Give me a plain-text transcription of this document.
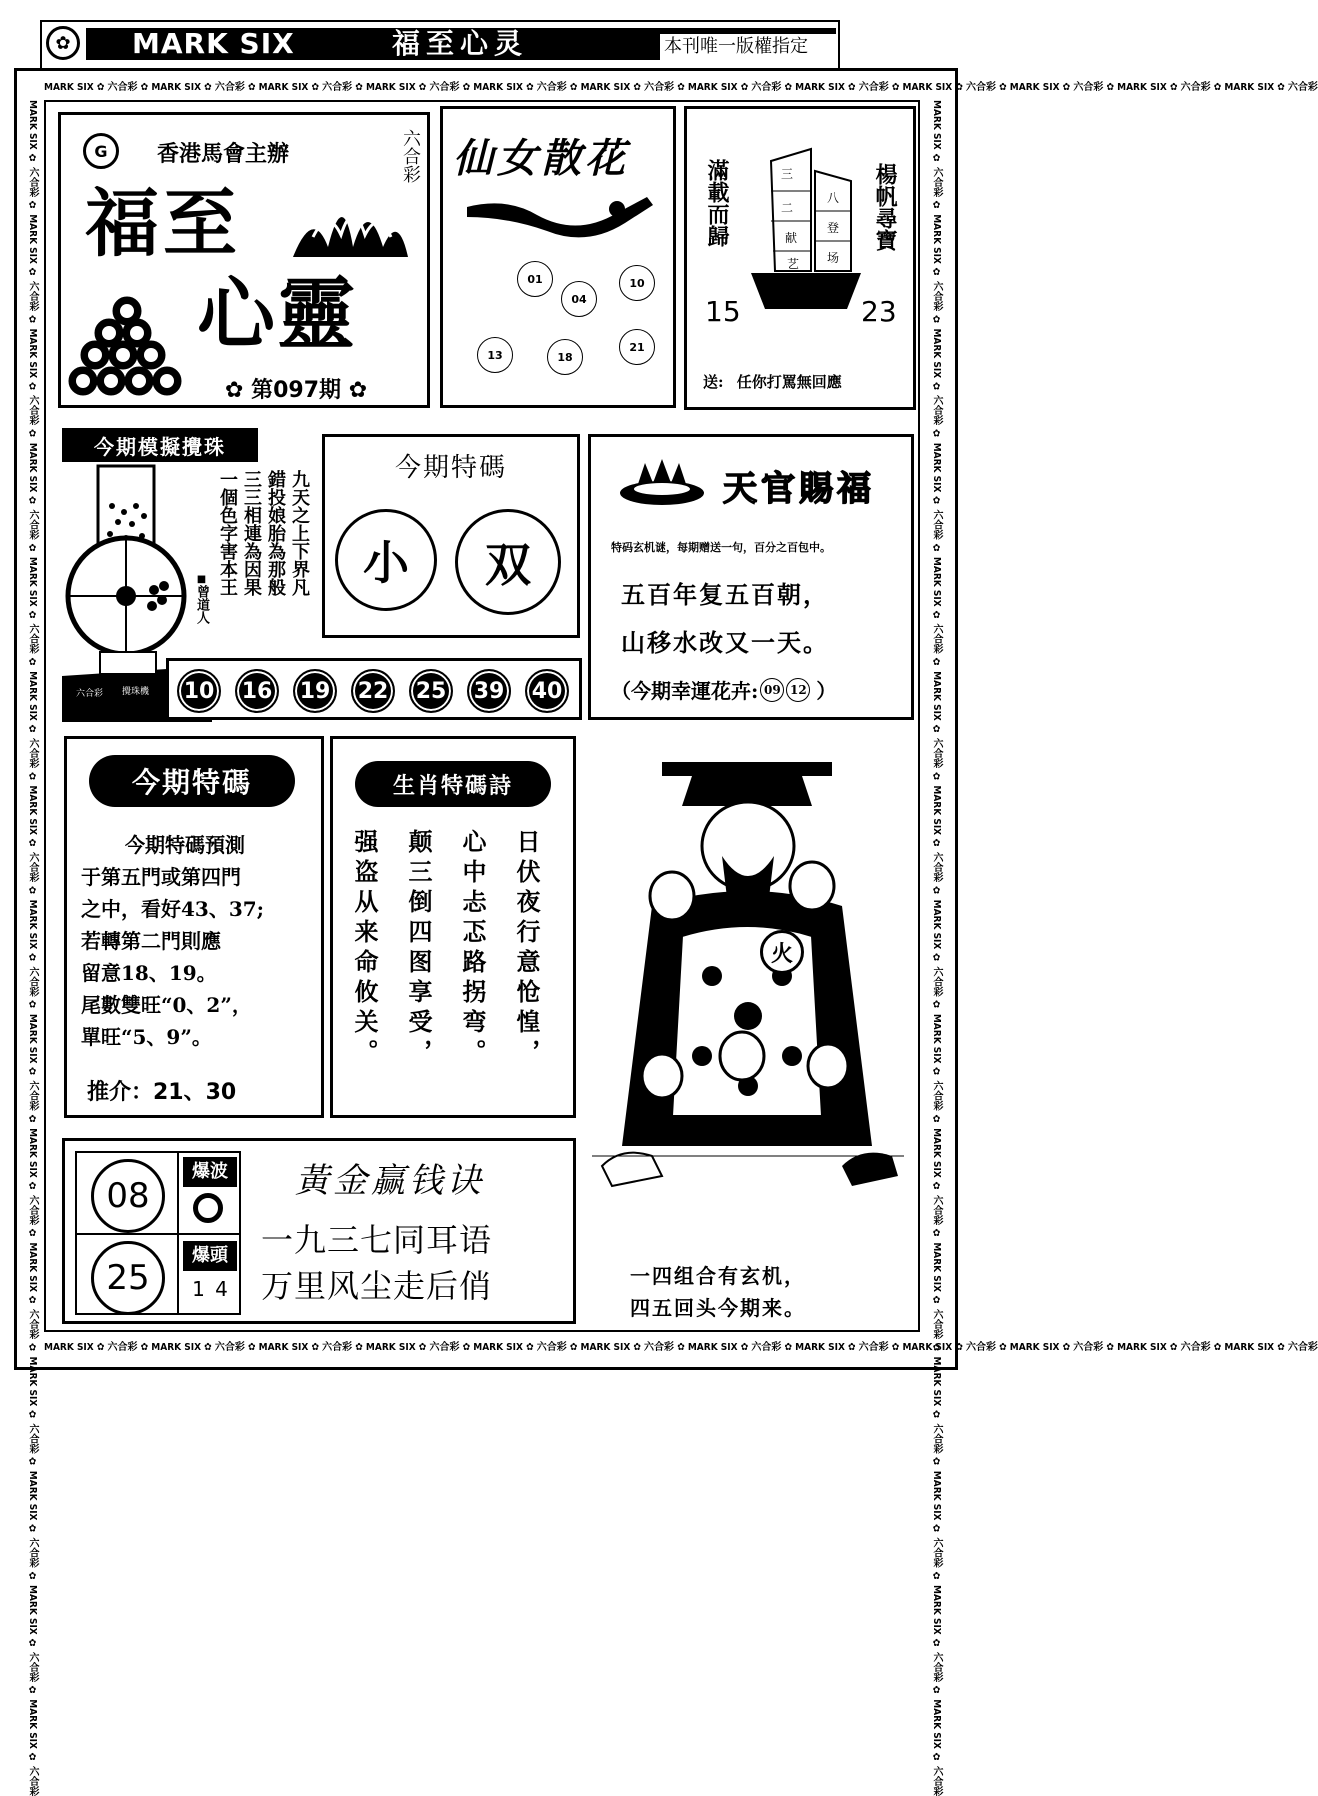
✿	MARK SIX	福至心灵	本刊唯一版權指定
MARK SIX ✿ 六合彩 ✿ MARK SIX ✿ 六合彩 ✿ MARK SIX ✿ 六合彩 ✿ MARK SIX ✿ 六合彩 ✿ MARK SIX ✿ 六合彩 ✿ MARK SIX ✿ 六合彩 ✿ MARK SIX ✿ 六合彩 ✿ MARK SIX ✿ 六合彩 ✿ MARK SIX ✿ 六合彩 ✿ MARK SIX ✿ 六合彩 ✿ MARK SIX ✿ 六合彩 ✿ MARK SIX ✿ 六合彩
MARK SIX ✿ 六合彩 ✿ MARK SIX ✿ 六合彩 ✿ MARK SIX ✿ 六合彩 ✿ MARK SIX ✿ 六合彩 ✿ MARK SIX ✿ 六合彩 ✿ MARK SIX ✿ 六合彩 ✿ MARK SIX ✿ 六合彩 ✿ MARK SIX ✿ 六合彩 ✿ MARK SIX ✿ 六合彩 ✿ MARK SIX ✿ 六合彩 ✿ MARK SIX ✿ 六合彩 ✿ MARK SIX ✿ 六合彩
MARK SIX ✿ 六合彩 ✿ MARK SIX ✿ 六合彩 ✿ MARK SIX ✿ 六合彩 ✿ MARK SIX ✿ 六合彩 ✿ MARK SIX ✿ 六合彩 ✿ MARK SIX ✿ 六合彩 ✿ MARK SIX ✿ 六合彩 ✿ MARK SIX ✿ 六合彩 ✿ MARK SIX ✿ 六合彩 ✿ MARK SIX ✿ 六合彩 ✿ MARK SIX ✿ 六合彩 ✿ MARK SIX ✿ 六合彩 ✿ MARK SIX ✿ 六合彩 ✿ MARK SIX ✿ 六合彩 ✿ MARK SIX ✿ 六合彩	MARK SIX ✿ 六合彩 ✿ MARK SIX ✿ 六合彩 ✿ MARK SIX ✿ 六合彩 ✿ MARK SIX ✿ 六合彩 ✿ MARK SIX ✿ 六合彩 ✿ MARK SIX ✿ 六合彩 ✿ MARK SIX ✿ 六合彩 ✿ MARK SIX ✿ 六合彩 ✿ MARK SIX ✿ 六合彩 ✿ MARK SIX ✿ 六合彩 ✿ MARK SIX ✿ 六合彩 ✿ MARK SIX ✿ 六合彩 ✿ MARK SIX ✿ 六合彩 ✿ MARK SIX ✿ 六合彩 ✿ MARK SIX ✿ 六合彩
G	香港馬會主辦	六合彩
福至
心靈
✿ 第097期 ✿
仙女散花
01
04
10
13	18
21
滿載而歸	楊帆尋寶
三
八
二
登
献
艺 场
15	23
送: 任你打罵無回應
今期模擬攪珠
六合彩 攪珠機
■曾道人
九天之上下界凡
錯投娘胎為那般
三三相連為因果
一個色字害本王
今期特碼
小	双
10	16	19	22	25	39	40
天官賜福
特码玄机谜，每期赠送一句，百分之百包中。
五百年复五百朝，
山移水改又一天。
（今期幸運花卉: 09 12 ）
今期特碼
今期特碼預測
于第五門或第四門
之中，看好43、37;
若轉第二門則應
留意18、19。
尾數雙旺“0、2”，
單旺“5、9”。
推介：21、30
生肖特碼詩
日伏夜行意怆惶，
心中忐忑路拐弯。
颠三倒四图享受，
强盗从来命攸关。	火
一四组合有玄机，
四五回头今期来。
08
25
爆波
爆頭
1 4
黃金赢钱诀
一九三七同耳语
万里风尘走后俏
